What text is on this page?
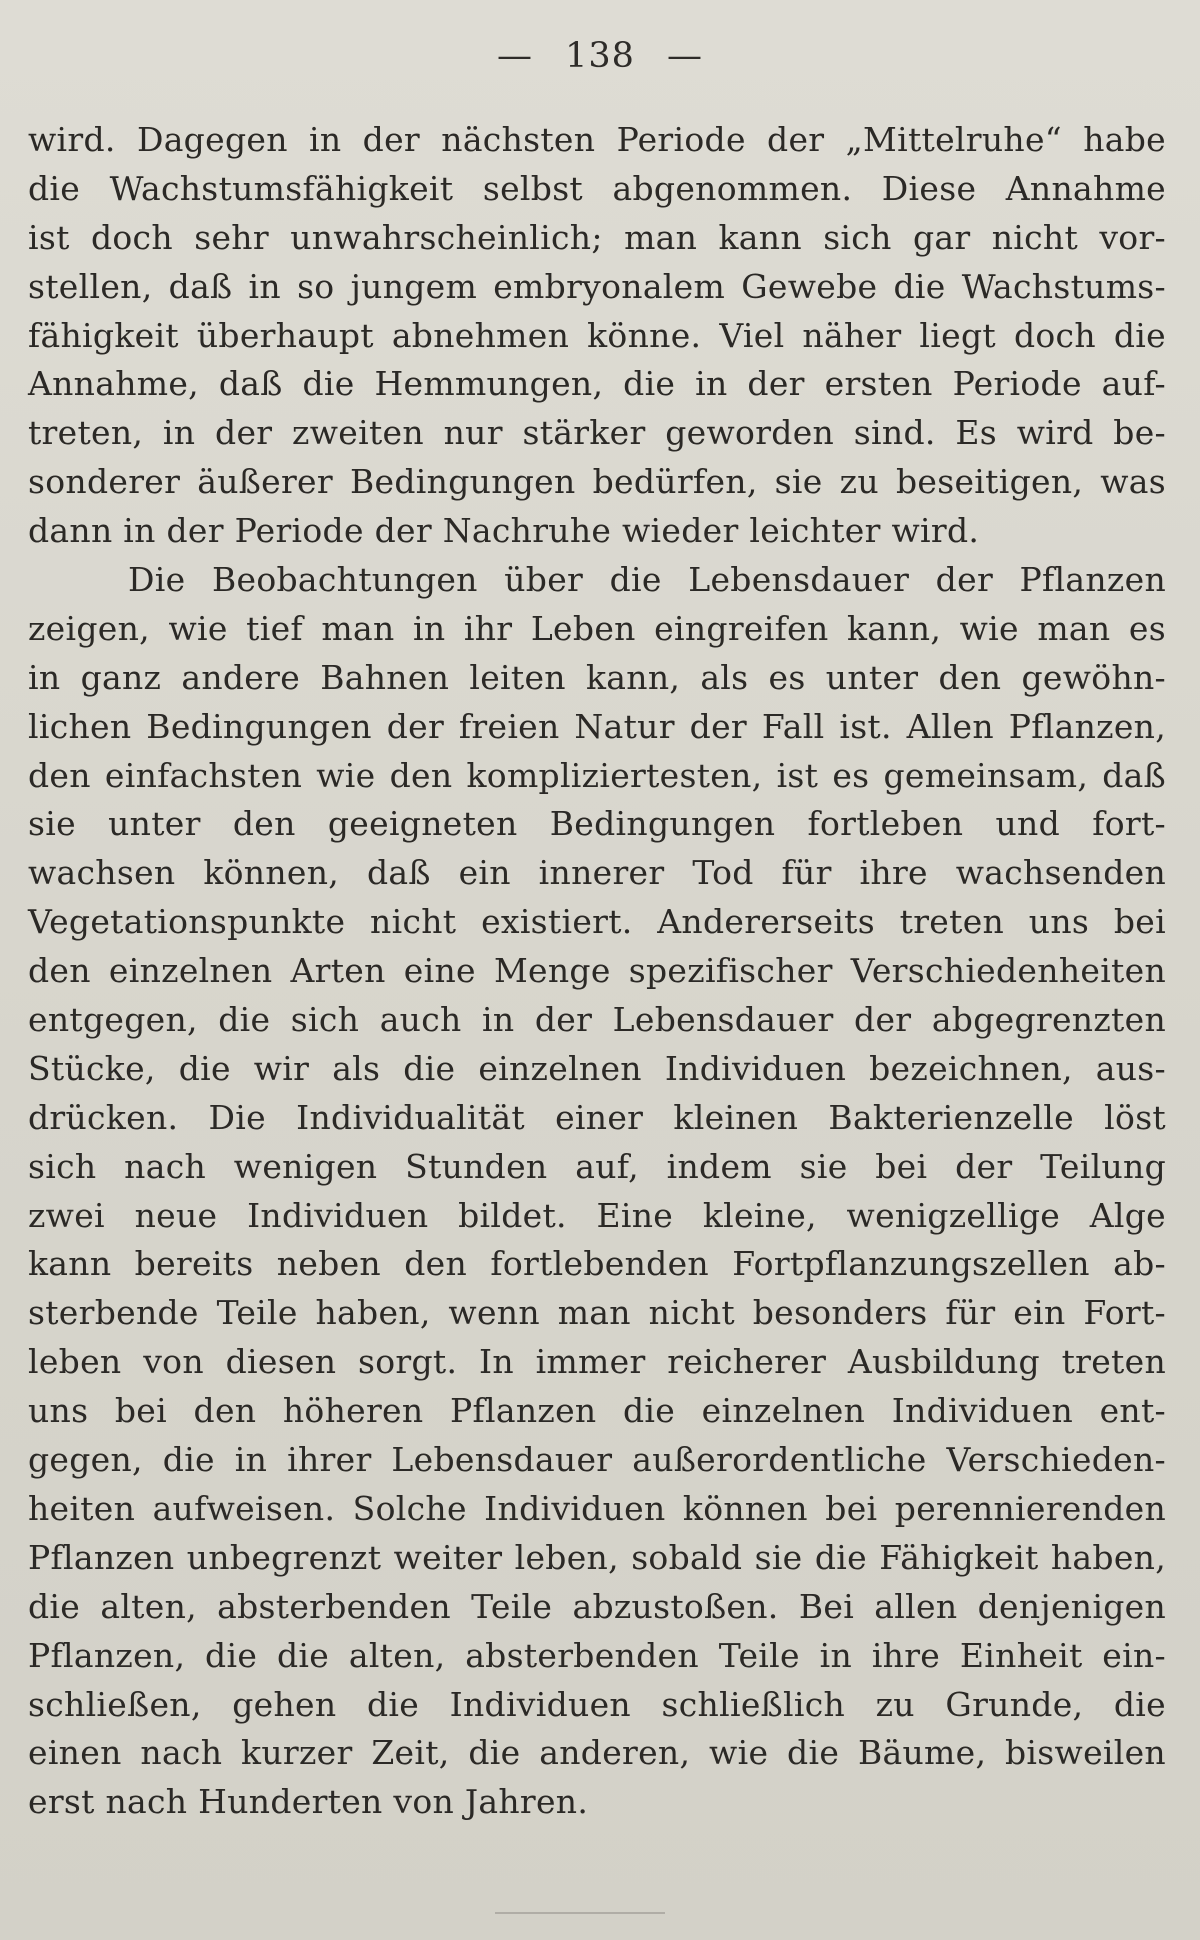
— 138 —
wird. Dagegen in der nächsten Periode der „Mittelruhe“ habe
die Wachstumsfähigkeit selbst abgenommen. Diese Annahme
ist doch sehr unwahrscheinlich; man kann sich gar nicht vor-
stellen, daß in so jungem embryonalem Gewebe die Wachstums-
fähigkeit überhaupt abnehmen könne. Viel näher liegt doch die
Annahme, daß die Hemmungen, die in der ersten Periode auf-
treten, in der zweiten nur stärker geworden sind. Es wird be-
sonderer äußerer Bedingungen bedürfen, sie zu beseitigen, was
dann in der Periode der Nachruhe wieder leichter wird.
Die Beobachtungen über die Lebensdauer der Pflanzen
zeigen, wie tief man in ihr Leben eingreifen kann, wie man es
in ganz andere Bahnen leiten kann, als es unter den gewöhn-
lichen Bedingungen der freien Natur der Fall ist. Allen Pflanzen,
den einfachsten wie den kompliziertesten, ist es gemeinsam, daß
sie unter den geeigneten Bedingungen fortleben und fort-
wachsen können, daß ein innerer Tod für ihre wachsenden
Vegetationspunkte nicht existiert. Andererseits treten uns bei
den einzelnen Arten eine Menge spezifischer Verschiedenheiten
entgegen, die sich auch in der Lebensdauer der abgegrenzten
Stücke, die wir als die einzelnen Individuen bezeichnen, aus-
drücken. Die Individualität einer kleinen Bakterienzelle löst
sich nach wenigen Stunden auf, indem sie bei der Teilung
zwei neue Individuen bildet. Eine kleine, wenigzellige Alge
kann bereits neben den fortlebenden Fortpflanzungszellen ab-
sterbende Teile haben, wenn man nicht besonders für ein Fort-
leben von diesen sorgt. In immer reicherer Ausbildung treten
uns bei den höheren Pflanzen die einzelnen Individuen ent-
gegen, die in ihrer Lebensdauer außerordentliche Verschieden-
heiten aufweisen. Solche Individuen können bei perennierenden
Pflanzen unbegrenzt weiter leben, sobald sie die Fähigkeit haben,
die alten, absterbenden Teile abzustoßen. Bei allen denjenigen
Pflanzen, die die alten, absterbenden Teile in ihre Einheit ein-
schließen, gehen die Individuen schließlich zu Grunde, die
einen nach kurzer Zeit, die anderen, wie die Bäume, bisweilen
erst nach Hunderten von Jahren.
